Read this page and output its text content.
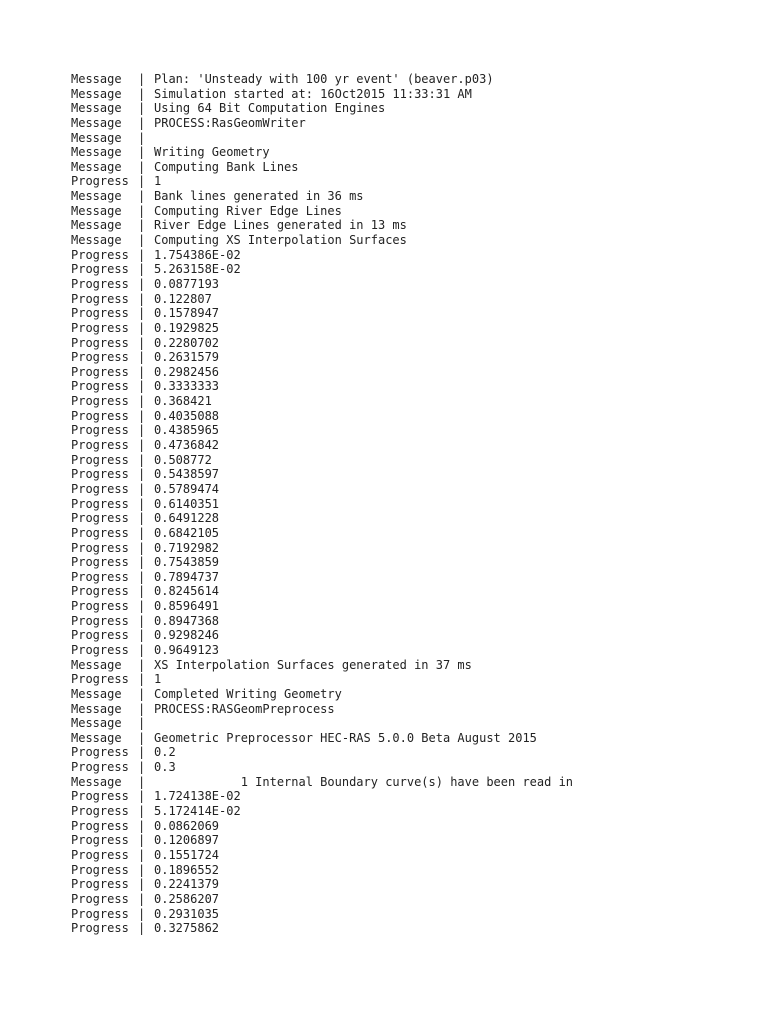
Message	| Plan: 'Unsteady with 100 yr event' (beaver.p03)
Message	| Simulation started at: 16Oct2015 11:33:31 AM
Message	| Using 64 Bit Computation Engines
Message	| PROCESS:RasGeomWriter
Message	|
Message	| Writing Geometry
Message	| Computing Bank Lines
Progress | 1
Message	| Bank lines generated in 36 ms
Message	| Computing River Edge Lines
Message	| River Edge Lines generated in 13 ms
Message	| Computing XS Interpolation Surfaces
Progress | 1.754386E-02
Progress | 5.263158E-02
Progress | 0.0877193
Progress | 0.122807
Progress | 0.1578947
Progress | 0.1929825
Progress | 0.2280702
Progress | 0.2631579
Progress | 0.2982456
Progress | 0.3333333
Progress | 0.368421
Progress | 0.4035088
Progress | 0.4385965
Progress | 0.4736842
Progress | 0.508772
Progress | 0.5438597
Progress | 0.5789474
Progress | 0.6140351
Progress | 0.6491228
Progress | 0.6842105
Progress | 0.7192982
Progress | 0.7543859
Progress | 0.7894737
Progress | 0.8245614
Progress | 0.8596491
Progress | 0.8947368
Progress | 0.9298246
Progress | 0.9649123
Message	| XS Interpolation Surfaces generated in 37 ms
Progress | 1
Message	| Completed Writing Geometry
Message	| PROCESS:RASGeomPreprocess
Message	|
Message	| Geometric Preprocessor HEC-RAS 5.0.0 Beta August 2015
Progress | 0.2
Progress | 0.3
Message	| 1 Internal Boundary curve(s) have been read in
Progress | 1.724138E-02
Progress | 5.172414E-02
Progress | 0.0862069
Progress | 0.1206897
Progress | 0.1551724
Progress | 0.1896552
Progress | 0.2241379
Progress | 0.2586207
Progress | 0.2931035
Progress | 0.3275862
